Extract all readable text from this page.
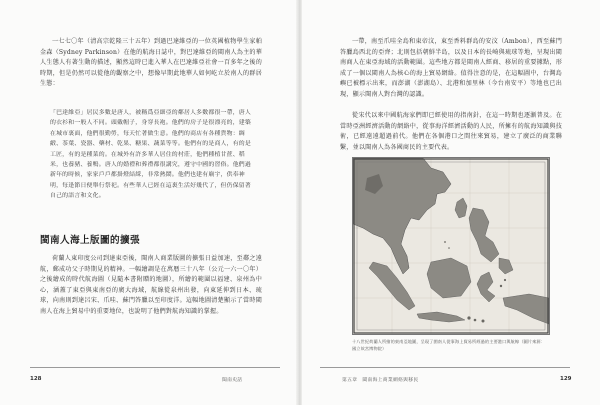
一七七〇年（清高宗乾隆三十五年）到過巴達維亞的一位英國植物學生家帕金森（Sydney Parkinson）在他的航海日誌中，對巴達維亞的閩南人為主的華人生態人有著生動的描述，顯然這時已進入華人在巴達維亞社會一百多年之後的時期，但是仍然可以從他的觀察之中，想像早期此地華人如何屹立於南人的群居生態：

「巴達維亞」居民多數是唐人，被稱爲亞細亞的鄰居人多數都很一帶，唐人的衣衫和一般人不同。頭戴帽子，身穿長袍。他們的房子是很漂亮的，建築在城市裏面，他們很勤勞，每天忙著做生意。他們的商店有各種貨物：綢緞、茶葉、瓷器、藥材、乾果、糖果、蔬菜等等。他們有的是商人，有的是工匠，有的是種菜的。在城外有許多華人居住的村莊，他們種植甘蔗、稻米，也養豬、養鴨。唐人的婚禮和葬禮都很講究，遵守中國的習俗。他們過新年的時候，家家戶戶都掛燈結綵，非常熱鬧。他們也建有廟宇，供奉神明，每逢節日便舉行祭祀。有些華人已經在這裏生活好幾代了，但仍保留著自己的語言和文化。

閩南人海上版圖的擴張

荷蘭人東印度公司到達東亞後，閩南人商業版圖的擴張日益加速，至鄰之遠航，郵成功父子時期見的精神。一幅繪調是在萬曆三十八年（公元一六一〇年）之後繪成的時代航海圖（見隨本書附贈的地圖），所繪的範圍以福建、泉州為中心，涵蓋了東亞與東南亞的廣大海域，航線從泉州出發，向東延伸到日本、琉球，向南則到達呂宋、爪哇、蘇門答臘以至印度洋。這幅地圖清楚顯示了當時閩南人在海上貿易中的重要地位，也說明了他們對航海知識的掌握。

128	閩南史話

一帶，南至爪哇全島和東帝汶，東至香料群島的安汶（Ambon），西至蘇門答臘島西北的亞齊；北則包括朝鮮半島，以及日本的長崎與琉球等地，呈現出閩南商人在東亞海域的活動範圍。這些地方都是閩南人經商、移居的重要據點，形成了一個以閩南人為核心的海上貿易網絡。值得注意的是，在這幅圖中，台灣島嶼已被標示出來，而澎湖（澎湖島）、北港和加里林（今台南安平）等地也已出現，顯示閩南人對台灣的認識。

從宋代以來中國航海家們即已經使用的指南針，在這一時期也逐漸普及。在當時亞洲經濟活動的網絡中，從事海洋經濟活動的人民，所擁有的航海知識與技術，已經遠遠超過前代。他們在各個港口之間往來貿易，建立了廣泛的商業聯繫，並以閩南人為各國商民的主要代表。

第五章　閩南海上商業網絡與移民	129
十八世紀荷蘭人所繪的東南亞地圖，呈現了閩南人從事海上貿易所經過的主要港口與航線（圖片來源：國立故宮博物院）
